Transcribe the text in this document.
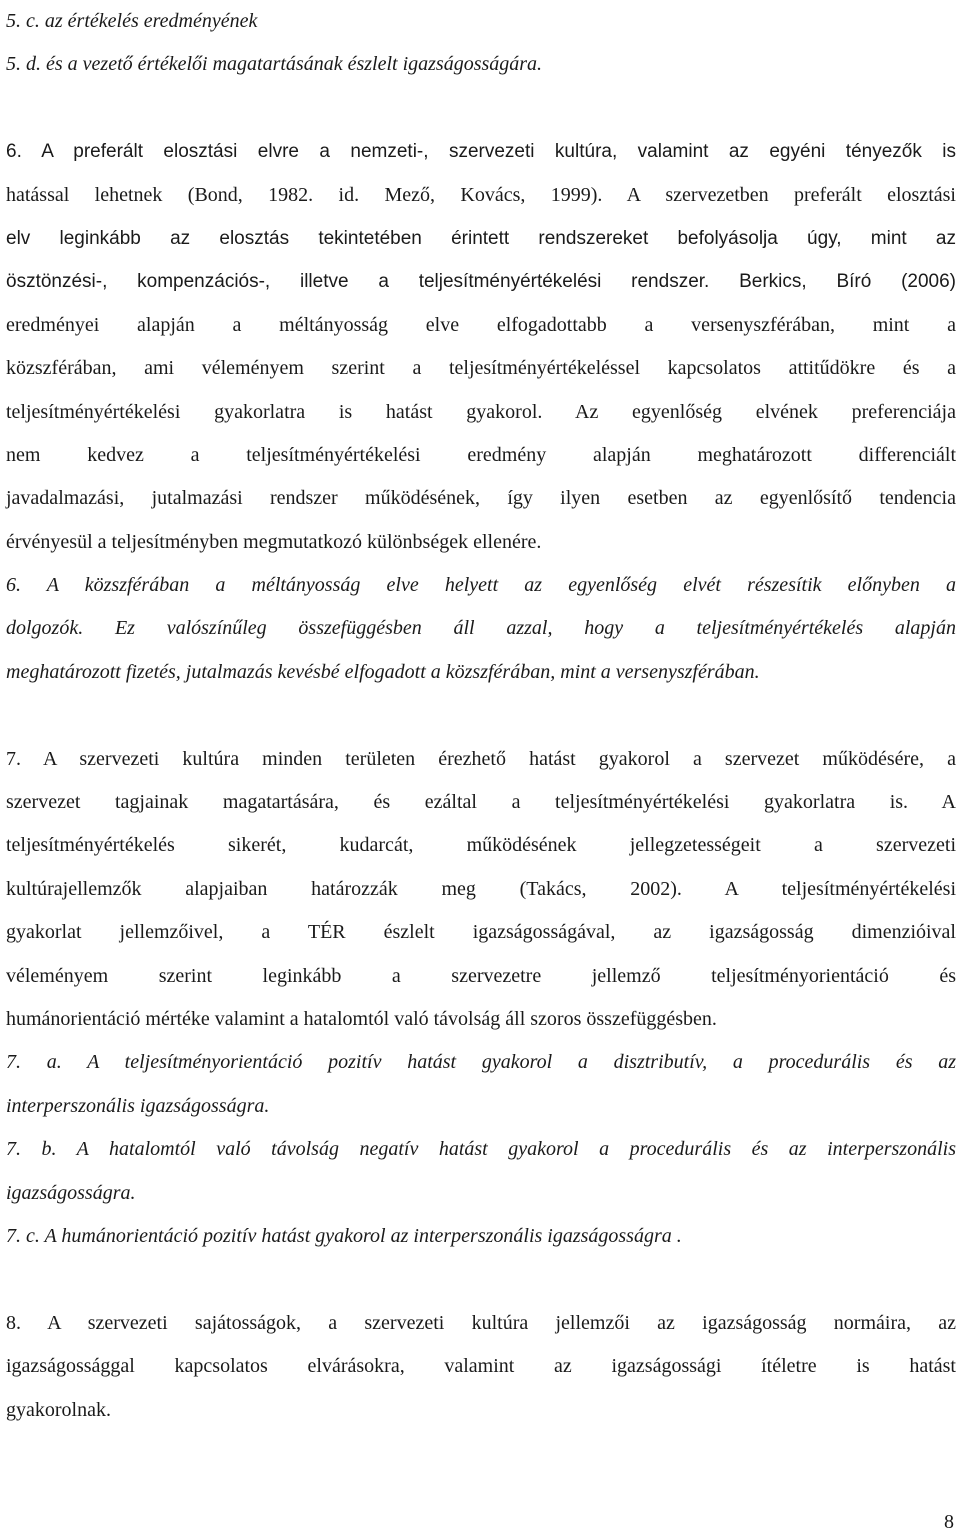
5. c. az értékelés eredményének
5. d. és a vezető értékelői magatartásának észlelt igazságosságára.
6. A preferált elosztási elvre a nemzeti-, szervezeti kultúra, valamint az egyéni tényezők is
hatással lehetnek (Bond, 1982. id. Mező, Kovács, 1999). A szervezetben preferált elosztási
elv leginkább az elosztás tekintetében érintett rendszereket befolyásolja úgy, mint az
ösztönzési-, kompenzációs-, illetve a teljesítményértékelési rendszer. Berkics, Bíró (2006)
eredményei alapján a méltányosság elve elfogadottabb a versenyszférában, mint a
közszférában, ami véleményem szerint a teljesítményértékeléssel kapcsolatos attitűdökre és a
teljesítményértékelési gyakorlatra is hatást gyakorol. Az egyenlőség elvének preferenciája
nem kedvez a teljesítményértékelési eredmény alapján meghatározott differenciált
javadalmazási, jutalmazási rendszer működésének, így ilyen esetben az egyenlősítő tendencia
érvényesül a teljesítményben megmutatkozó különbségek ellenére.
6. A közszférában a méltányosság elve helyett az egyenlőség elvét részesítik előnyben a
dolgozók. Ez valószínűleg összefüggésben áll azzal, hogy a teljesítményértékelés alapján
meghatározott fizetés, jutalmazás kevésbé elfogadott a közszférában, mint a versenyszférában.
7. A szervezeti kultúra minden területen érezhető hatást gyakorol a szervezet működésére, a
szervezet tagjainak magatartására, és ezáltal a teljesítményértékelési gyakorlatra is. A
teljesítményértékelés sikerét, kudarcát, működésének jellegzetességeit a szervezeti
kultúrajellemzők alapjaiban határozzák meg (Takács, 2002). A teljesítményértékelési
gyakorlat jellemzőivel, a TÉR észlelt igazságosságával, az igazságosság dimenzióival
véleményem szerint leginkább a szervezetre jellemző teljesítményorientáció és
humánorientáció mértéke valamint a hatalomtól való távolság áll szoros összefüggésben.
7. a. A teljesítményorientáció pozitív hatást gyakorol a disztributív, a procedurális és az
interperszonális igazságosságra.
7. b. A hatalomtól való távolság negatív hatást gyakorol a procedurális és az interperszonális
igazságosságra.
7. c. A humánorientáció pozitív hatást gyakorol az interperszonális igazságosságra .
8. A szervezeti sajátosságok, a szervezeti kultúra jellemzői az igazságosság normáira, az
igazságossággal kapcsolatos elvárásokra, valamint az igazságossági ítéletre is hatást
gyakorolnak.
8
